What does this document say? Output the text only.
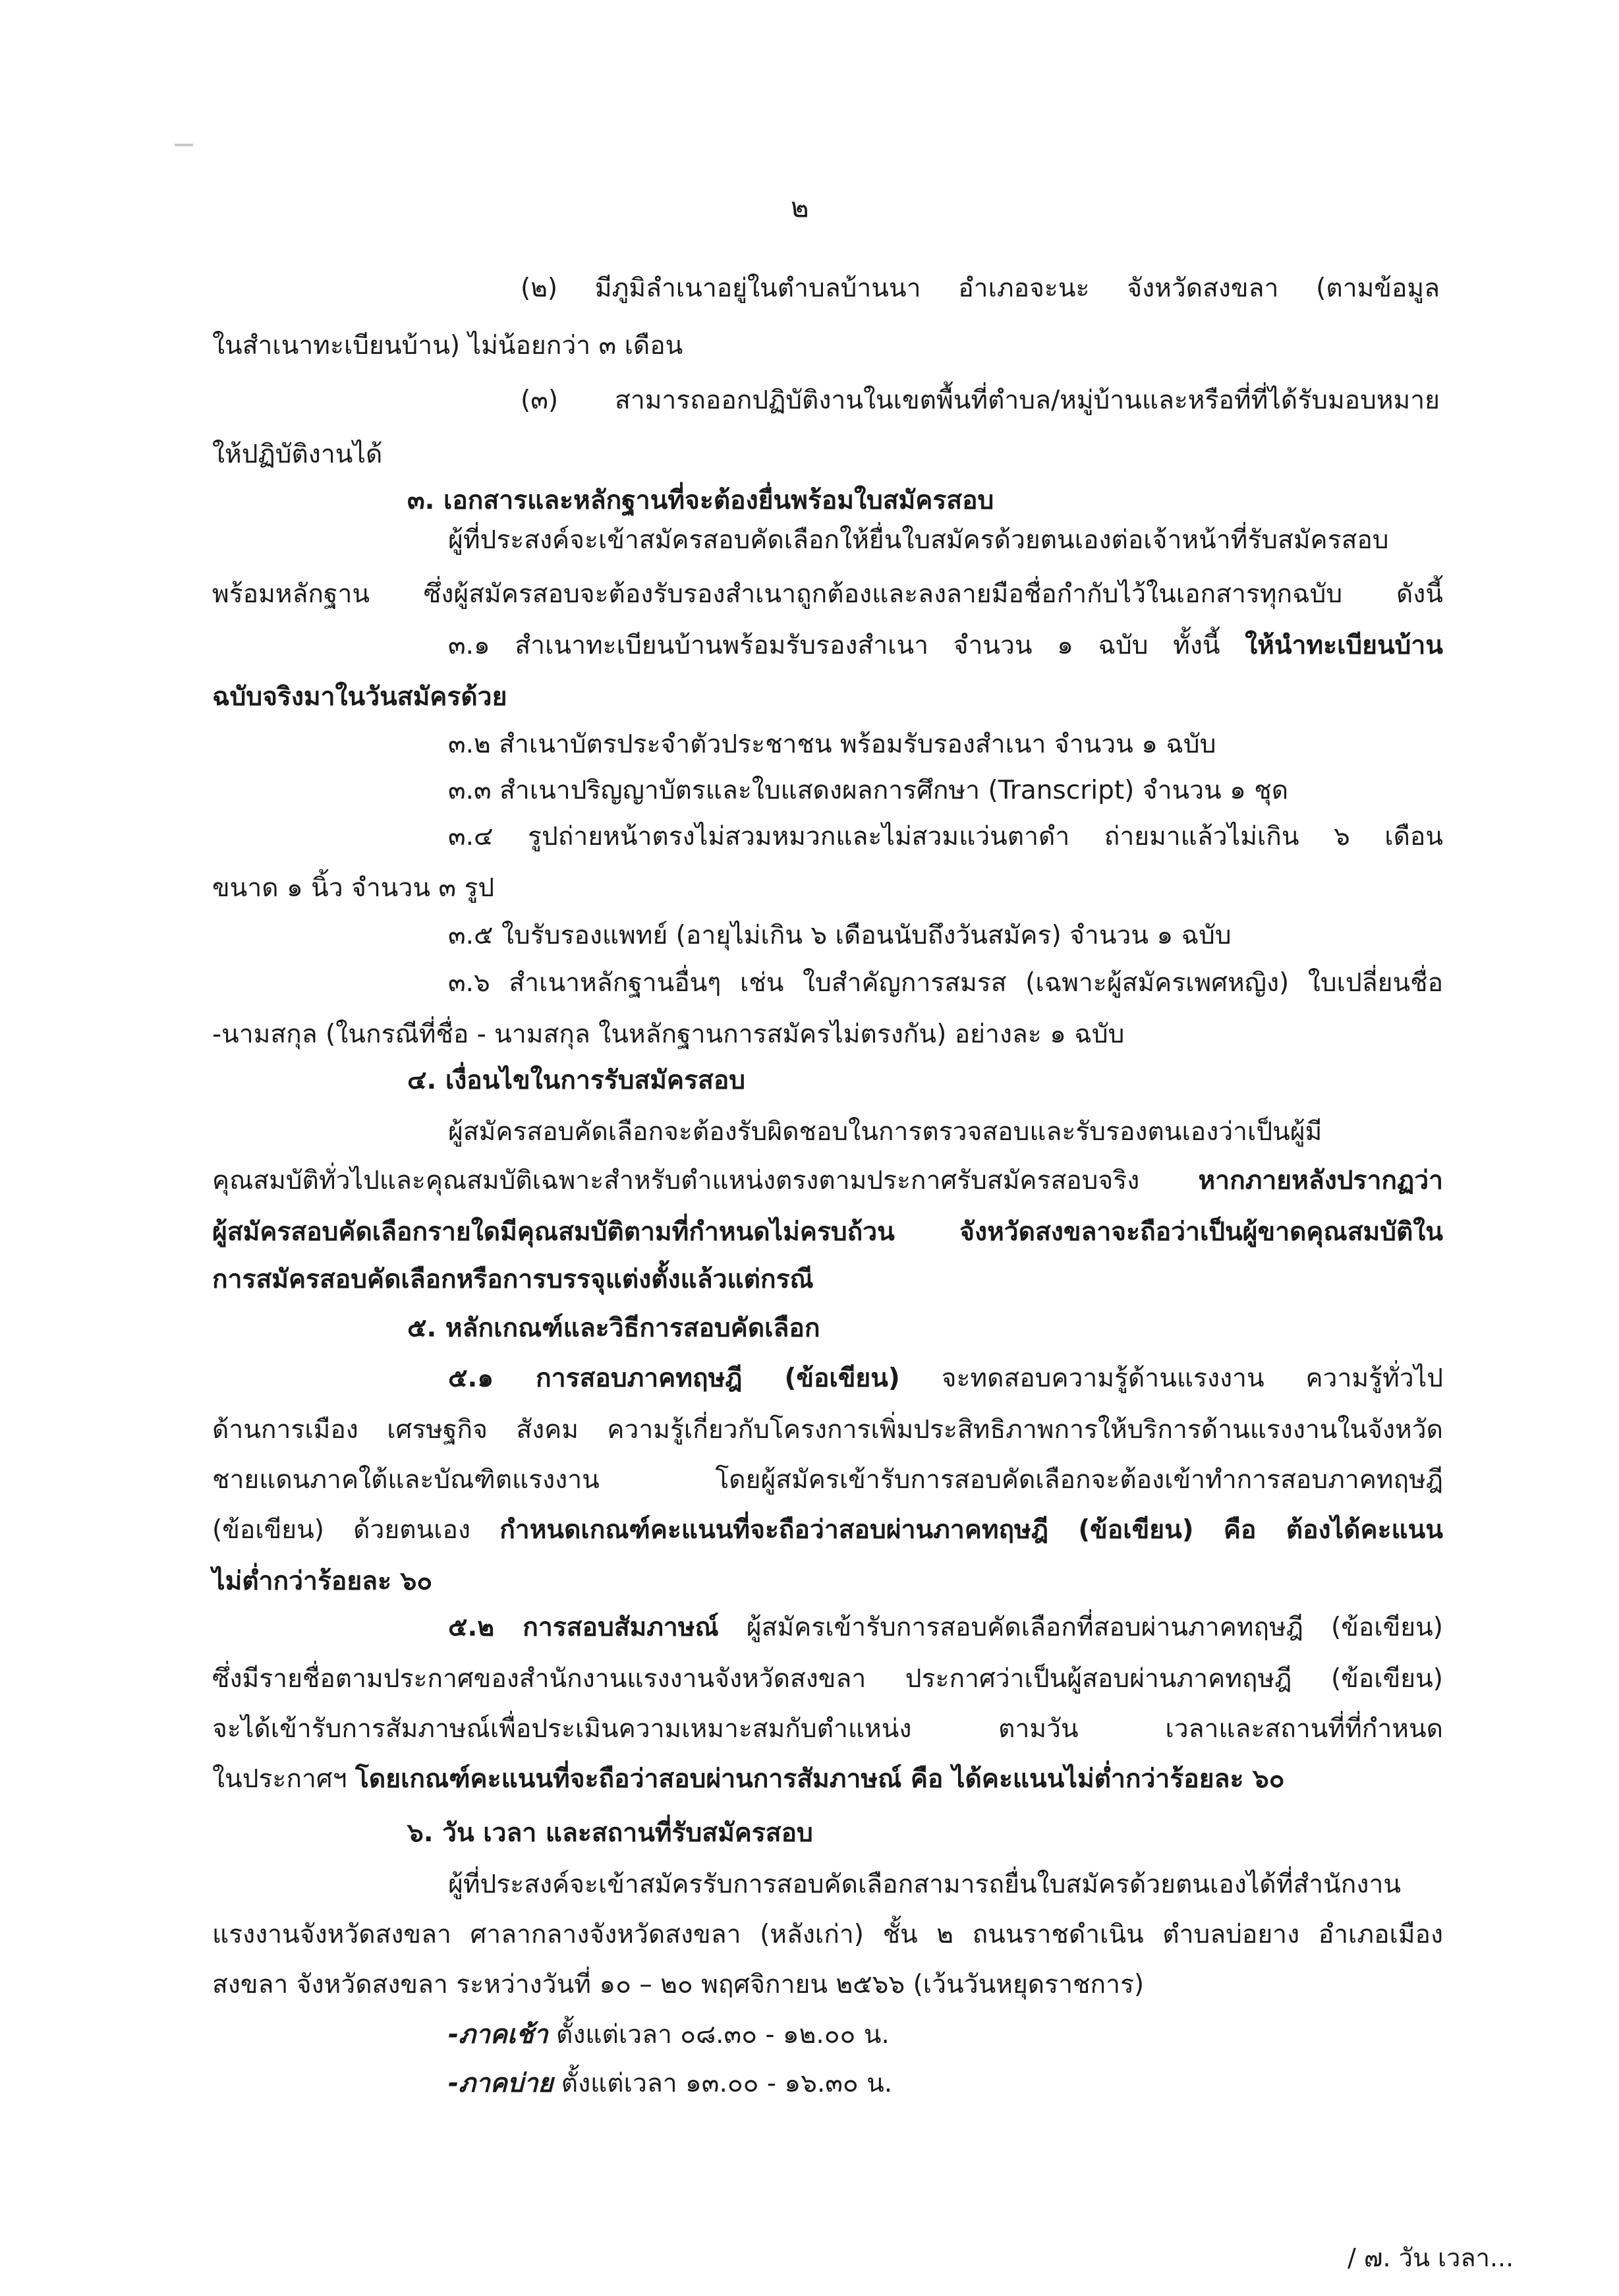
๒
(๒) มีภูมิลำเนาอยู่ในตำบลบ้านนา อำเภอจะนะ จังหวัดสงขลา (ตามข้อมูล
ในสำเนาทะเบียนบ้าน) ไม่น้อยกว่า ๓ เดือน
(๓) สามารถออกปฏิบัติงานในเขตพื้นที่ตำบล/หมู่บ้านและหรือที่ที่ได้รับมอบหมาย
ให้ปฏิบัติงานได้
๓. เอกสารและหลักฐานที่จะต้องยื่นพร้อมใบสมัครสอบ
ผู้ที่ประสงค์จะเข้าสมัครสอบคัดเลือกให้ยื่นใบสมัครด้วยตนเองต่อเจ้าหน้าที่รับสมัครสอบ
พร้อมหลักฐาน ซึ่งผู้สมัครสอบจะต้องรับรองสำเนาถูกต้องและลงลายมือชื่อกำกับไว้ในเอกสารทุกฉบับ ดังนี้
๓.๑ สำเนาทะเบียนบ้านพร้อมรับรองสำเนา จำนวน ๑ ฉบับ ทั้งนี้ ให้นำทะเบียนบ้าน
ฉบับจริงมาในวันสมัครด้วย
๓.๒ สำเนาบัตรประจำตัวประชาชน พร้อมรับรองสำเนา จำนวน ๑ ฉบับ
๓.๓ สำเนาปริญญาบัตรและใบแสดงผลการศึกษา (Transcript) จำนวน ๑ ชุด
๓.๔ รูปถ่ายหน้าตรงไม่สวมหมวกและไม่สวมแว่นตาดำ ถ่ายมาแล้วไม่เกิน ๖ เดือน
ขนาด ๑ นิ้ว จำนวน ๓ รูป
๓.๕ ใบรับรองแพทย์ (อายุไม่เกิน ๖ เดือนนับถึงวันสมัคร) จำนวน ๑ ฉบับ
๓.๖ สำเนาหลักฐานอื่นๆ เช่น ใบสำคัญการสมรส (เฉพาะผู้สมัครเพศหญิง) ใบเปลี่ยนชื่อ
-นามสกุล (ในกรณีที่ชื่อ - นามสกุล ในหลักฐานการสมัครไม่ตรงกัน) อย่างละ ๑ ฉบับ
๔. เงื่อนไขในการรับสมัครสอบ
ผู้สมัครสอบคัดเลือกจะต้องรับผิดชอบในการตรวจสอบและรับรองตนเองว่าเป็นผู้มี
คุณสมบัติทั่วไปและคุณสมบัติเฉพาะสำหรับตำแหน่งตรงตามประกาศรับสมัครสอบจริง หากภายหลังปรากฏว่า
ผู้สมัครสอบคัดเลือกรายใดมีคุณสมบัติตามที่กำหนดไม่ครบถ้วน จังหวัดสงขลาจะถือว่าเป็นผู้ขาดคุณสมบัติใน
การสมัครสอบคัดเลือกหรือการบรรจุแต่งตั้งแล้วแต่กรณี
๕. หลักเกณฑ์และวิธีการสอบคัดเลือก
๕.๑ การสอบภาคทฤษฎี (ข้อเขียน) จะทดสอบความรู้ด้านแรงงาน ความรู้ทั่วไป
ด้านการเมือง เศรษฐกิจ สังคม ความรู้เกี่ยวกับโครงการเพิ่มประสิทธิภาพการให้บริการด้านแรงงานในจังหวัด
ชายแดนภาคใต้และบัณฑิตแรงงาน โดยผู้สมัครเข้ารับการสอบคัดเลือกจะต้องเข้าทำการสอบภาคทฤษฎี
(ข้อเขียน) ด้วยตนเอง กำหนดเกณฑ์คะแนนที่จะถือว่าสอบผ่านภาคทฤษฎี (ข้อเขียน) คือ ต้องได้คะแนน
ไม่ต่ำกว่าร้อยละ ๖๐
๕.๒ การสอบสัมภาษณ์ ผู้สมัครเข้ารับการสอบคัดเลือกที่สอบผ่านภาคทฤษฎี (ข้อเขียน)
ซึ่งมีรายชื่อตามประกาศของสำนักงานแรงงานจังหวัดสงขลา ประกาศว่าเป็นผู้สอบผ่านภาคทฤษฎี (ข้อเขียน)
จะได้เข้ารับการสัมภาษณ์เพื่อประเมินความเหมาะสมกับตำแหน่ง ตามวัน เวลาและสถานที่ที่กำหนด
ในประกาศฯ โดยเกณฑ์คะแนนที่จะถือว่าสอบผ่านการสัมภาษณ์ คือ ได้คะแนนไม่ต่ำกว่าร้อยละ ๖๐
๖. วัน เวลา และสถานที่รับสมัครสอบ
ผู้ที่ประสงค์จะเข้าสมัครรับการสอบคัดเลือกสามารถยื่นใบสมัครด้วยตนเองได้ที่สำนักงาน
แรงงานจังหวัดสงขลา ศาลากลางจังหวัดสงขลา (หลังเก่า) ชั้น ๒ ถนนราชดำเนิน ตำบลบ่อยาง อำเภอเมือง
สงขลา จังหวัดสงขลา ระหว่างวันที่ ๑๐ – ๒๐ พฤศจิกายน ๒๕๖๖ (เว้นวันหยุดราชการ)
-ภาคเช้า ตั้งแต่เวลา ๐๘.๓๐ - ๑๒.๐๐ น.
-ภาคบ่าย ตั้งแต่เวลา ๑๓.๐๐ - ๑๖.๓๐ น.
/ ๗. วัน เวลา...
